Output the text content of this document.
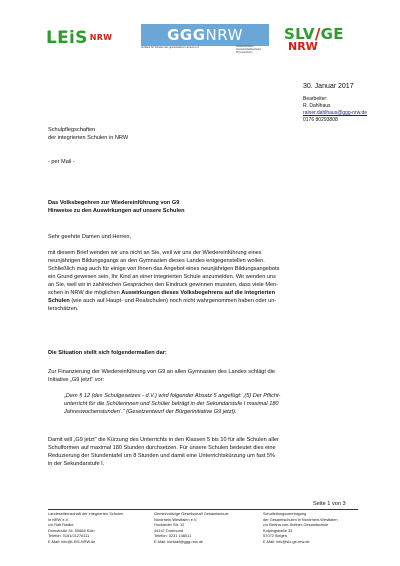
LEiS NRW	GGGNRW
Verband für Schulen des gemeinsamen Lernens e.V.	Gesamtschulen Gemeinschaftsschulen Primusschulen
SLV/GE
NRW
30. Januar 2017
Bearbeiter:
R. Dahlhaus
rainer.dahlhaus@ggg-nrw.de
0176 80293808
Schulpflegschaften
der integrierten Schulen in NRW
- per Mail -
Das Volksbegehren zur Wiedereinführung von G9
Hinweise zu den Auswirkungen auf unsere Schulen
Sehr geehrte Damen und Herren,
mit diesem Brief wenden wir uns nicht an Sie, weil wir uns der Wiedereinführung eines
neunjährigen Bildungsgangs an den Gymnasien dieses Landes entgegenstellen wollen.
Schließlich mag auch für einige von Ihnen das Angebot eines neunjährigen Bildungsangebots
ein Grund gewesen sein, Ihr Kind an einer integrierten Schule anzumelden. Wir wenden uns
an Sie, weil wir in zahlreichen Gesprächen den Eindruck gewinnen mussten, dass viele Men-
schen in NRW die möglichen Auswirkungen dieses Volksbegehrens auf die integrierten
Schulen (wie auch auf Haupt- und Realschulen) noch nicht wahrgenommen haben oder un-
terschätzen.
Die Situation stellt sich folgendermaßen dar:
Zur Finanzierung der Wiedereinführung von G9 an allen Gymnasien des Landes schlägt die
Initiative „G9 jetzt" vor:
„Dem § 12 (des Schulgesetzes - d.V.) wird folgender Absatz 5 angefügt: ‚(5) Der Pflicht-
unterricht für die Schülerinnen und Schüler beträgt in der Sekundarstufe I maximal 180
Jahreswochenstunden'." (Gesetzentwurf der Bürgerinitiative G9 jetzt).
Damit will „G9 jetzt" die Kürzung des Unterrichts in den Klassen 5 bis 10 für alle Schulen aller
Schulformen auf maximal 180 Stunden durchsetzen. Für unsere Schulen bedeutet dies eine
Reduzierung der Stundentafel um 8 Stunden und damit eine Unterrichtskürzung um fast 5%
in der Sekundarstufe I.
Seite 1 von 3
Landeselternschaft der integrierten Schulen
in NRW e.V.
c/o Ralf Radke
Domstraße 34, 50668 Köln
Telefon: 0151/21276111
E-Mail: info@LEiS-NRW.de
Gemeinnützige Gesellschaft Gesamtschule
Nordrhein-Westfalen e.V.
Huckarder Str. 12
44147 Dortmund
Telefon: 0231 148011
E-Mail: kontakt@ggg-nrw.de
Schulleitungsvereinigung
der Gesamtschulen in Nordrhein-Westfalen
c/o Bertha-von-Suttner-Gesamtschule
Kolpingstraße 35
57072 Siegen
E-Mail: info@slv-ge-nrw.de
